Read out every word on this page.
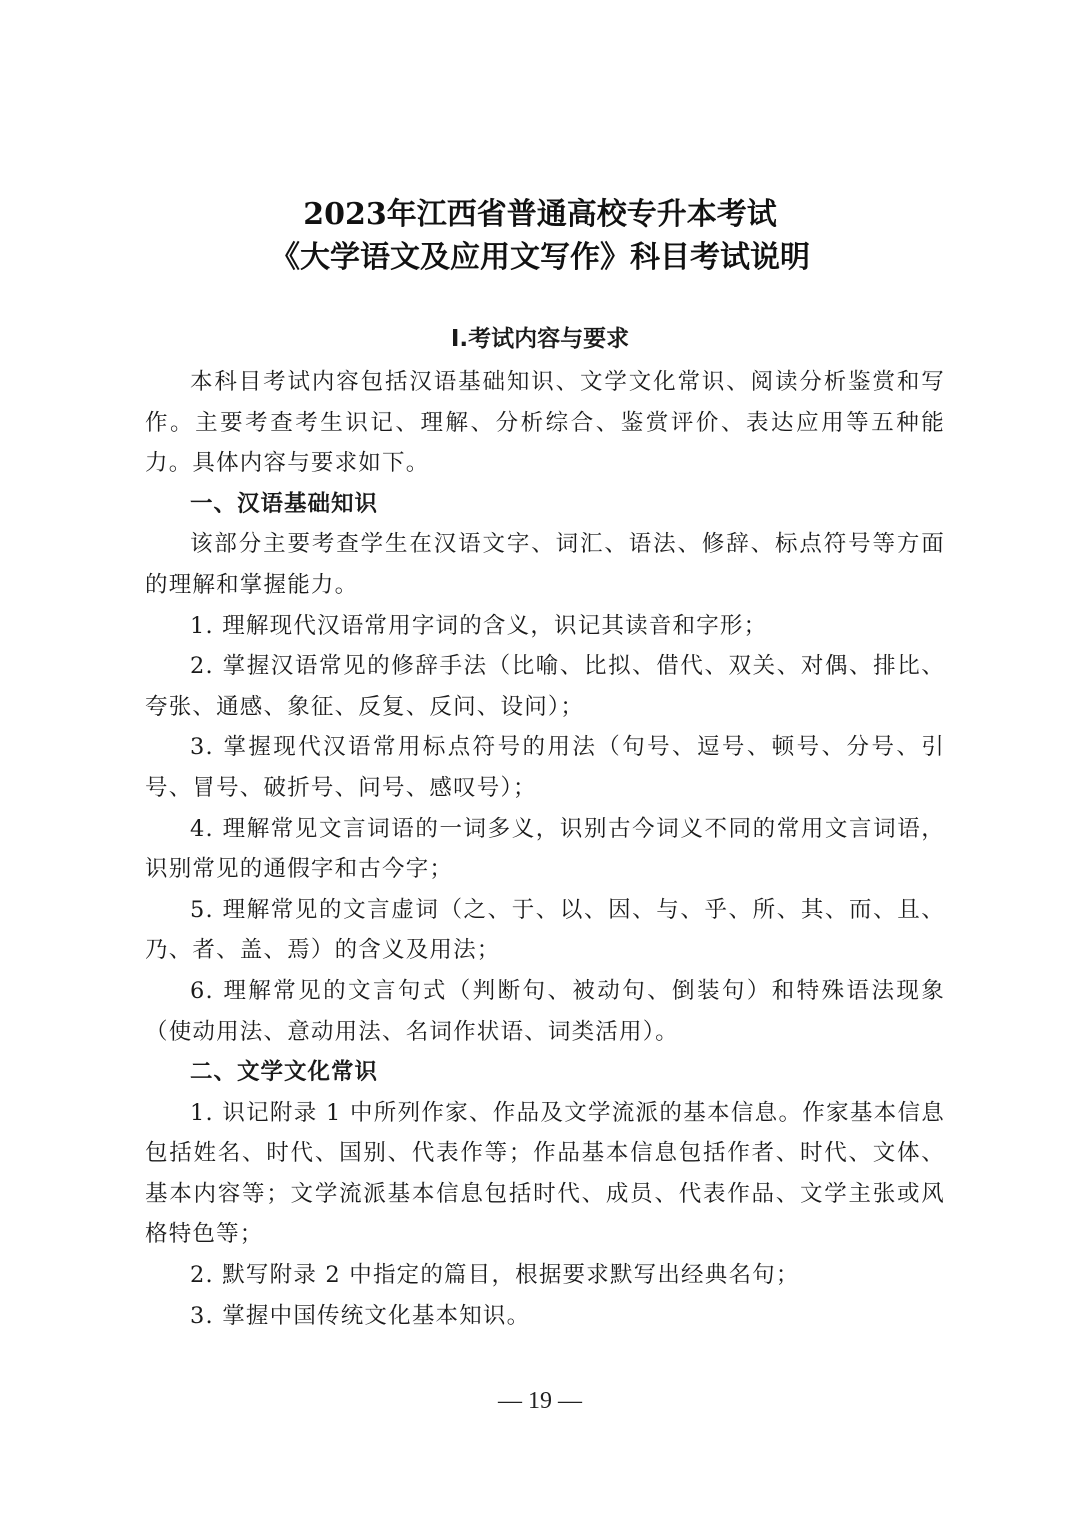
2023年江西省普通高校专升本考试
《大学语文及应用文写作》科目考试说明
Ⅰ.考试内容与要求

本科目考试内容包括汉语基础知识、文学文化常识、阅读分析鉴赏和写作。主要考查考生识记、理解、分析综合、鉴赏评价、表达应用等五种能力。具体内容与要求如下。

一、汉语基础知识

该部分主要考查学生在汉语文字、词汇、语法、修辞、标点符号等方面的理解和掌握能力。

1. 理解现代汉语常用字词的含义，识记其读音和字形；

2. 掌握汉语常见的修辞手法（比喻、比拟、借代、双关、对偶、排比、夸张、通感、象征、反复、反问、设问）；

3. 掌握现代汉语常用标点符号的用法（句号、逗号、顿号、分号、引号、冒号、破折号、问号、感叹号）；

4. 理解常见文言词语的一词多义，识别古今词义不同的常用文言词语，识别常见的通假字和古今字；

5. 理解常见的文言虚词（之、于、以、因、与、乎、所、其、而、且、乃、者、盖、焉）的含义及用法；

6. 理解常见的文言句式（判断句、被动句、倒装句）和特殊语法现象（使动用法、意动用法、名词作状语、词类活用）。

二、文学文化常识

1. 识记附录 1 中所列作家、作品及文学流派的基本信息。作家基本信息包括姓名、时代、国别、代表作等；作品基本信息包括作者、时代、文体、基本内容等；文学流派基本信息包括时代、成员、代表作品、文学主张或风格特色等；

2. 默写附录 2 中指定的篇目，根据要求默写出经典名句；

3. 掌握中国传统文化基本知识。

— 19 —
